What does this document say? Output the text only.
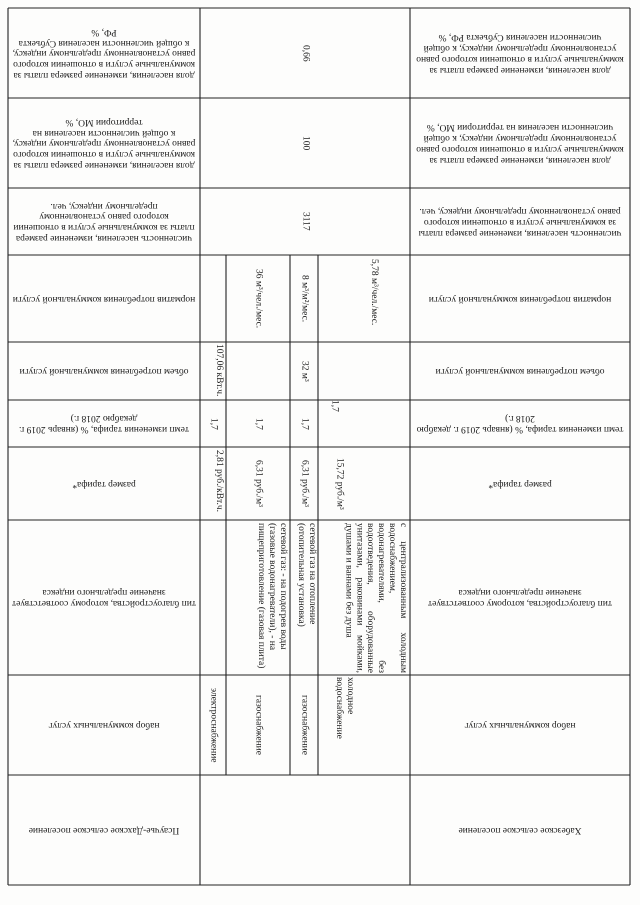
доля населения, изменение размера платы за коммунальные услуги в отношении которого равно установленному предельному индексу, к общей численности населения Субъекта РФ, %
доля населения, изменение размера платы за коммунальные услуги в отношении которого равно установленному предельному индексу, к общей численности населения на территории МО, %
численность населения, изменение размера платы за коммунальные услуги в отношении которого равно установленному предельному индексу, чел.
норматив потребления коммунальной услуги
объем потребления коммунальной услуги
темп изменения тарифа, % (январь 2019 г. декабрю 2018 г.)
размер тарифа*
тип благоустройства, которому соответствует значение предельного индекса
набор коммунальных услуг
Хабезское сельское поселение
доля населения, изменение размера платы за коммунальные услуги в отношении которого равно установленному предельному индексу, к общей численности населения Субъекта РФ, %
доля населения, изменение размера платы за коммунальные услуги в отношении которого равно установленному предельному индексу, к общей численности населения на территории МО, %
численность населения, изменение размера платы за коммунальные услуги в отношении которого равно установленному предельному индексу, чел.
норматив потребления коммунальной услуги
объем потребления коммунальной услуги
темп изменения тарифа, % (январь 2019 г. декабрю 2018 г.)
размер тарифа*
тип благоустройства, которому соответствует значение предельного индекса
набор коммунальных услуг
Псаучье-Дахское сельское поселение
0,66
100
3117
107,06 кВт.ч.
1,7
2,81 руб./кВт.ч.
электроснабжение
36 м³/чел./мес.
1,7
6,31 руб./м³
сетевой газ: - на подогрев воды (газовые водонагреватели), - на пищеприготовление (газовая плита)
газоснабжение
8 м³/м²/мес.
32 м³
1,7
6,31 руб./м³
сетевой газ на отопление (отопительная установка)
газоснабжение
5,78 м³/чел./мес.
1,7
15,72 руб./м³
с централизованным холодным водоснабжением, водонагревателями, без водоотведения, оборудованные унитазами, раковинами мойками, душами и ваннами без душа
холодное водоснабжение
